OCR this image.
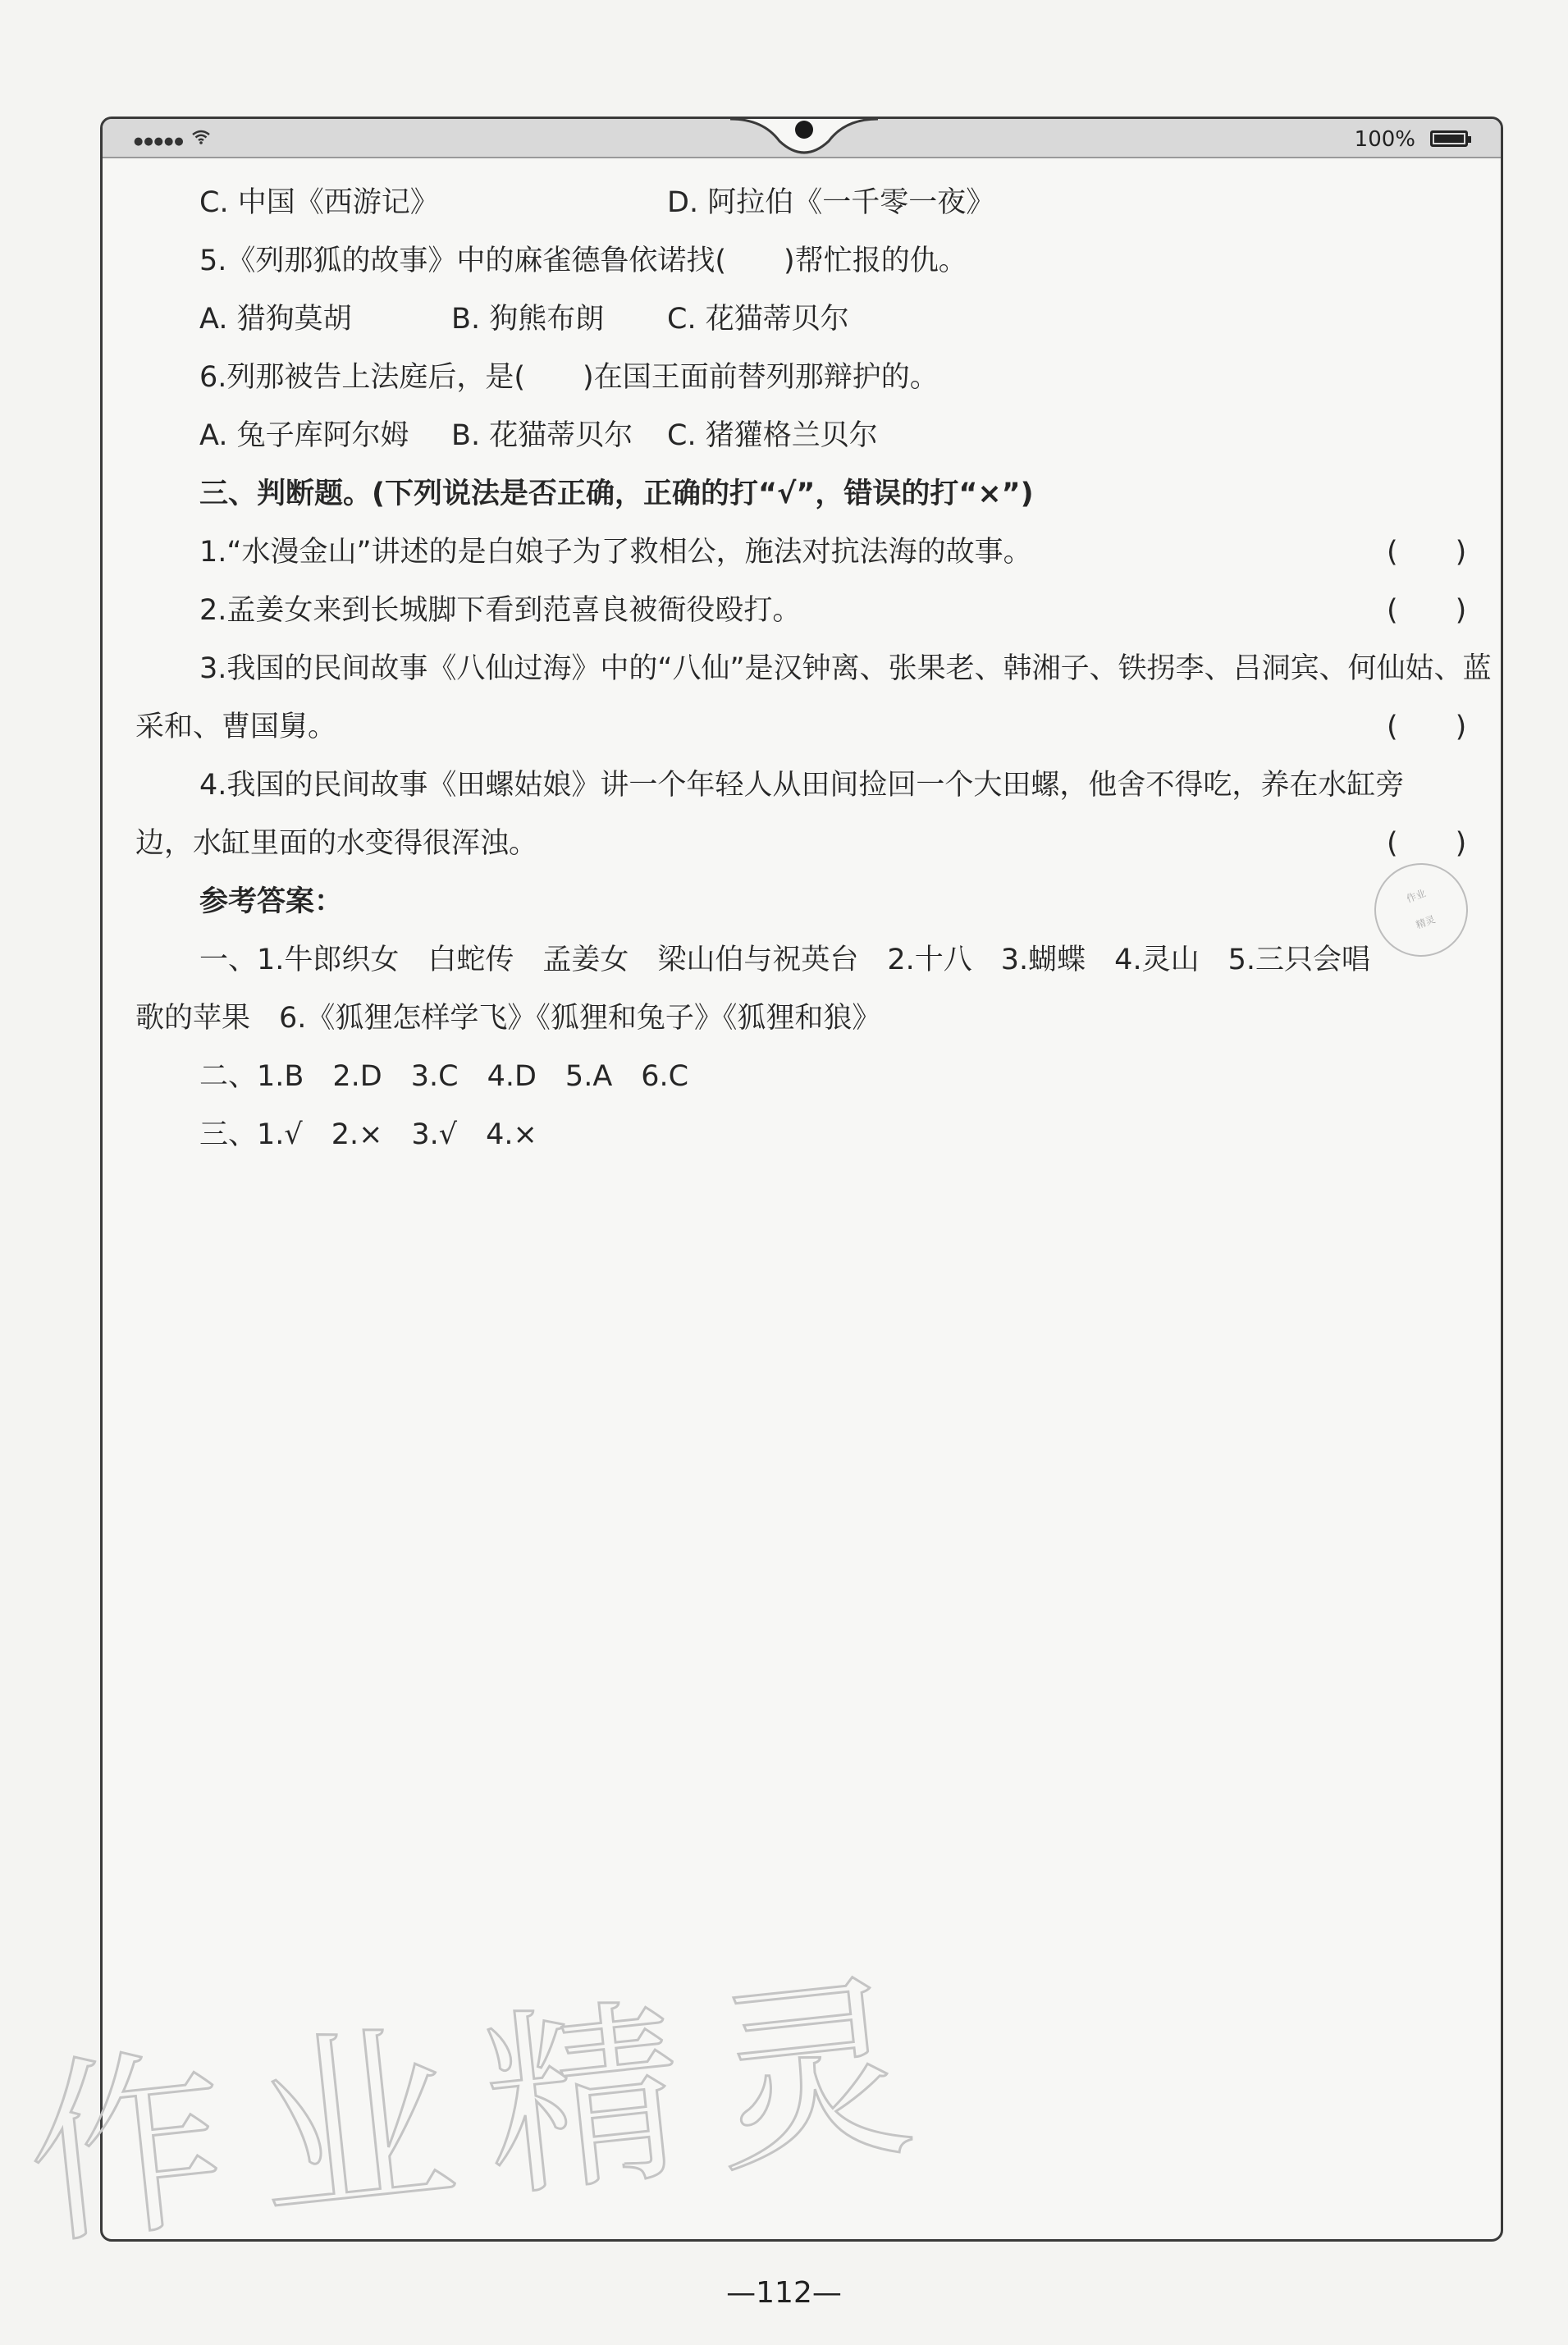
●●●●●	100%
C. 中国《西游记》	D. 阿拉伯《一千零一夜》
5.《列那狐的故事》中的麻雀德鲁依诺找(　　)帮忙报的仇。
A. 猎狗莫胡	B. 狗熊布朗 C. 花猫蒂贝尔
6.列那被告上法庭后，是(　　)在国王面前替列那辩护的。
A. 兔子库阿尔姆 B. 花猫蒂贝尔 C. 猪獾格兰贝尔
三、判断题。(下列说法是否正确，正确的打“√”，错误的打“×”)
1.“水漫金山”讲述的是白娘子为了救相公，施法对抗法海的故事。	(　　)
2.孟姜女来到长城脚下看到范喜良被衙役殴打。	(　　)
3.我国的民间故事《八仙过海》中的“八仙”是汉钟离、张果老、韩湘子、铁拐李、吕洞宾、何仙姑、蓝
采和、曹国舅。	(　　)
4.我国的民间故事《田螺姑娘》讲一个年轻人从田间捡回一个大田螺，他舍不得吃，养在水缸旁
边，水缸里面的水变得很浑浊。	(　　)
作业
精灵
参考答案：
一、1.牛郎织女　白蛇传　孟姜女　梁山伯与祝英台　2.十八　3.蝴蝶　4.灵山　5.三只会唱
歌的苹果　6.《狐狸怎样学飞》《狐狸和兔子》《狐狸和狼》
二、1.B　2.D　3.C　4.D　5.A　6.C
三、1.√　2.×　3.√　4.×
作业精灵
—112—
